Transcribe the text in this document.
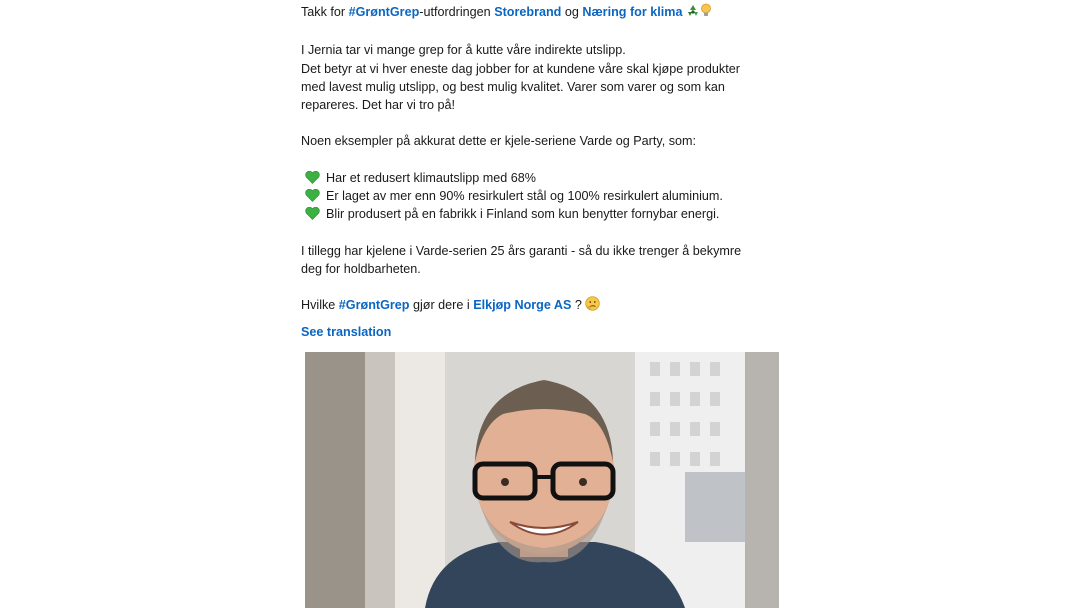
Takk for #GrøntGrep-utfordringen Storebrand og Næring for klima
I Jernia tar vi mange grep for å kutte våre indirekte utslipp.
Det betyr at vi hver eneste dag jobber for at kundene våre skal kjøpe produkter
med lavest mulig utslipp, og best mulig kvalitet. Varer som varer og som kan
repareres. Det har vi tro på!
Noen eksempler på akkurat dette er kjele-seriene Varde og Party, som:
Har et redusert klimautslipp med 68%
Er laget av mer enn 90% resirkulert stål og 100% resirkulert aluminium.
Blir produsert på en fabrikk i Finland som kun benytter fornybar energi.
I tillegg har kjelene i Varde-serien 25 års garanti - så du ikke trenger å bekymre
deg for holdbarheten.
Hvilke #GrøntGrep gjør dere i Elkjøp Norge AS ?
See translation
